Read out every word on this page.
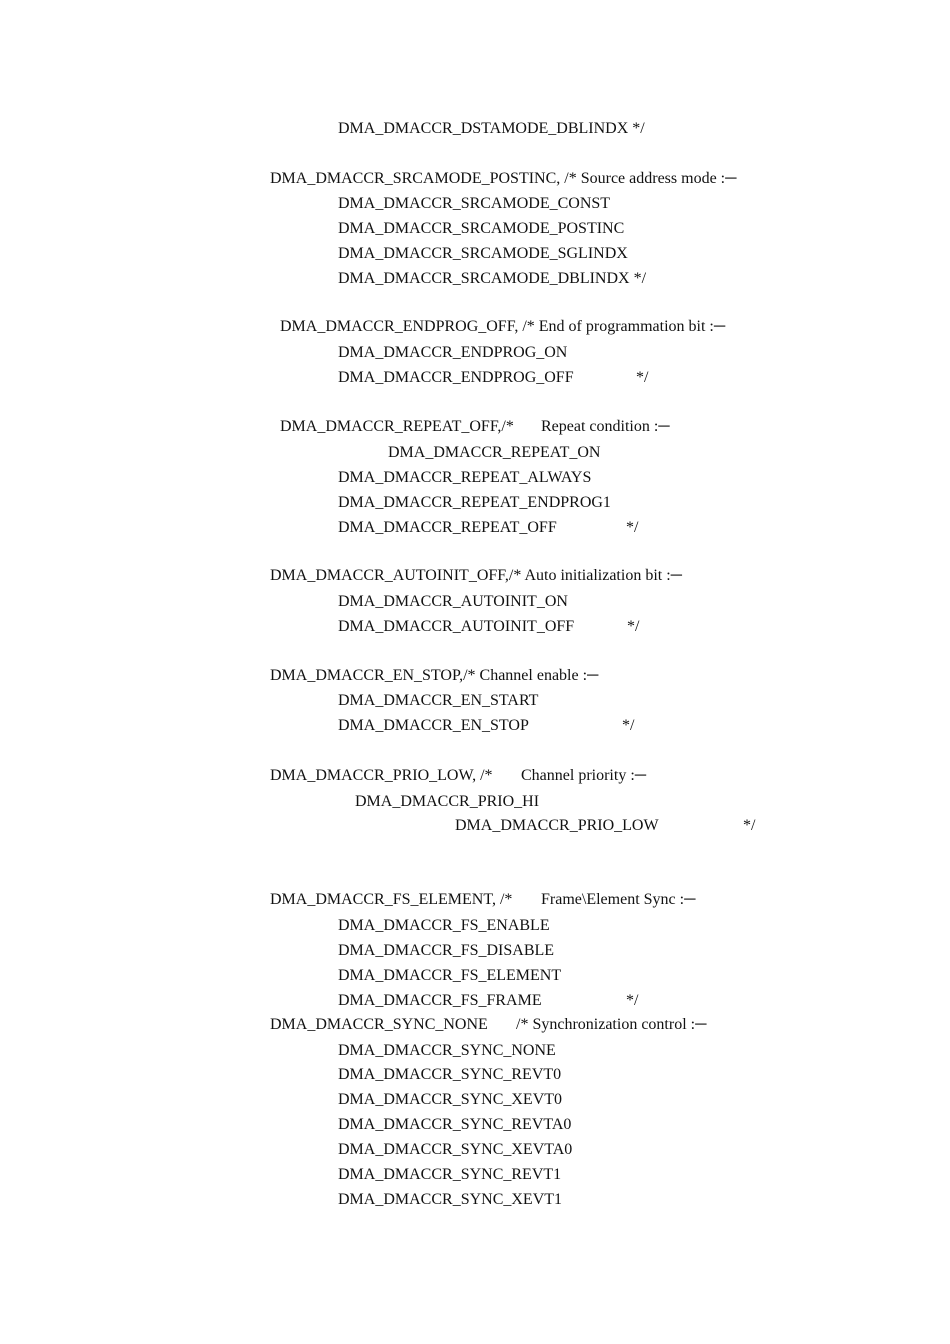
DMA_DMACCR_DSTAMODE_DBLINDX */
DMA_DMACCR_SRCAMODE_POSTINC, /* Source address mode :─
DMA_DMACCR_SRCAMODE_CONST
DMA_DMACCR_SRCAMODE_POSTINC
DMA_DMACCR_SRCAMODE_SGLINDX
DMA_DMACCR_SRCAMODE_DBLINDX */
DMA_DMACCR_ENDPROG_OFF, /* End of programmation bit :─
DMA_DMACCR_ENDPROG_ON
DMA_DMACCR_ENDPROG_OFF	*/
DMA_DMACCR_REPEAT_OFF,/* Repeat condition :─
DMA_DMACCR_REPEAT_ON
DMA_DMACCR_REPEAT_ALWAYS
DMA_DMACCR_REPEAT_ENDPROG1
DMA_DMACCR_REPEAT_OFF	*/
DMA_DMACCR_AUTOINIT_OFF,/* Auto initialization bit :─
DMA_DMACCR_AUTOINIT_ON
DMA_DMACCR_AUTOINIT_OFF	*/
DMA_DMACCR_EN_STOP,/* Channel enable :─
DMA_DMACCR_EN_START
DMA_DMACCR_EN_STOP	*/
DMA_DMACCR_PRIO_LOW, /* Channel priority :─
DMA_DMACCR_PRIO_HI
DMA_DMACCR_PRIO_LOW	*/
DMA_DMACCR_FS_ELEMENT, /* Frame\Element Sync :─
DMA_DMACCR_FS_ENABLE
DMA_DMACCR_FS_DISABLE
DMA_DMACCR_FS_ELEMENT
DMA_DMACCR_FS_FRAME	*/
DMA_DMACCR_SYNC_NONE /* Synchronization control :─
DMA_DMACCR_SYNC_NONE
DMA_DMACCR_SYNC_REVT0
DMA_DMACCR_SYNC_XEVT0
DMA_DMACCR_SYNC_REVTA0
DMA_DMACCR_SYNC_XEVTA0
DMA_DMACCR_SYNC_REVT1
DMA_DMACCR_SYNC_XEVT1
